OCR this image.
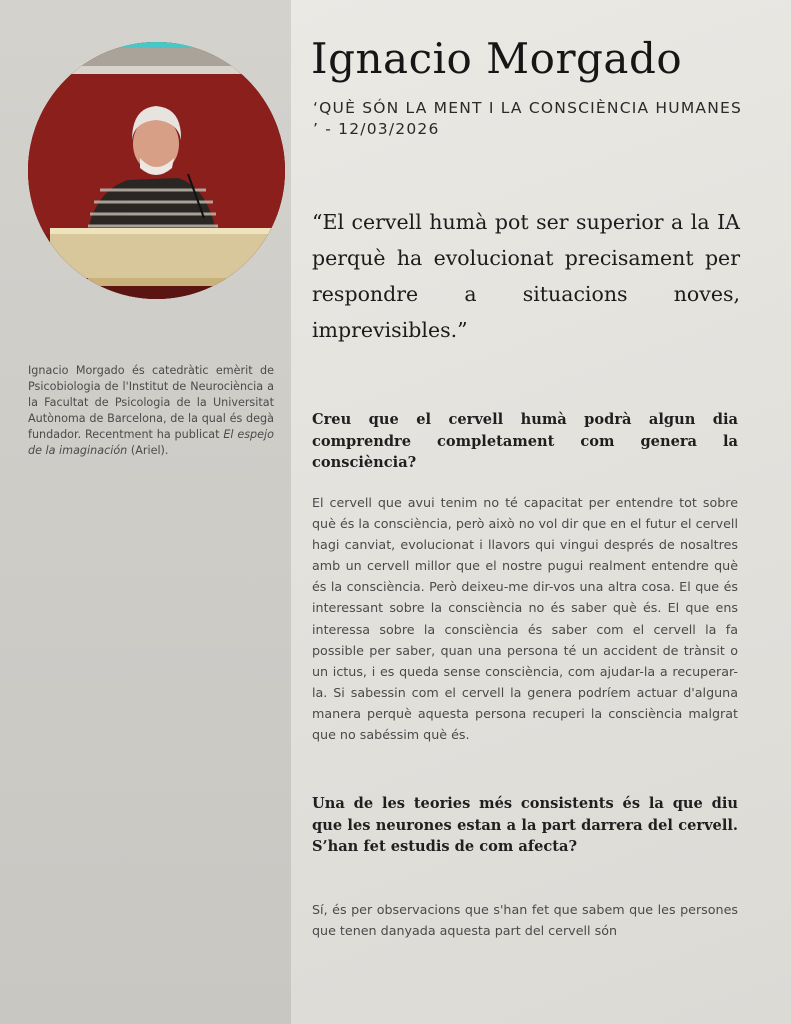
Ignacio Morgado és catedràtic emèrit de Psicobiologia de l'Institut de Neurociència a la Facultat de Psicologia de la Universitat Autònoma de Barcelona, de la qual és degà fundador. Recentment ha publicat El espejo de la imaginación (Ariel).

Ignacio Morgado

‘QUÈ SÓN LA MENT I LA CONSCIÈNCIA HUMANES ’ - 12/03/2026

“El cervell humà pot ser superior a la IA perquè ha evolucionat precisament per respondre a situacions noves, imprevisibles.”
Creu que el cervell humà podrà algun dia comprendre completament com genera la consciència?

El cervell que avui tenim no té capacitat per entendre tot sobre què és la consciència, però això no vol dir que en el futur el cervell hagi canviat, evolucionat i llavors qui vingui després de nosaltres amb un cervell millor que el nostre pugui realment entendre què és la consciència. Però deixeu-me dir-vos una altra cosa. El que és interessant sobre la consciència no és saber què és. El que ens interessa sobre la consciència és saber com el cervell la fa possible per saber, quan una persona té un accident de trànsit o un ictus, i es queda sense consciència, com ajudar-la a recuperar-la. Si sabessin com el cervell la genera podríem actuar d'alguna manera perquè aquesta persona recuperi la consciència malgrat que no sabéssim què és.

Una de les teories més consistents és la que diu que les neurones estan a la part darrera del cervell. S’han fet estudis de com afecta?

Sí, és per observacions que s'han fet que sabem que les persones que tenen danyada aquesta part del cervell són
